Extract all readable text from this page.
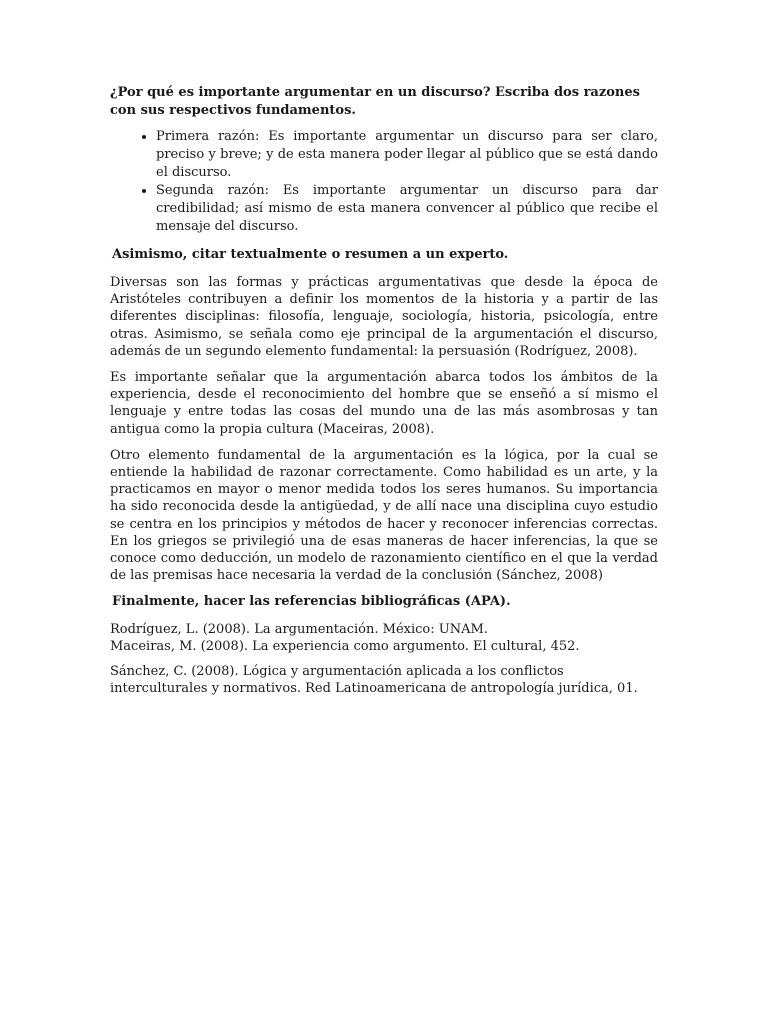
¿Por qué es importante argumentar en un discurso? Escriba dos razones con sus respectivos fundamentos.

• Primera razón: Es importante argumentar un discurso para ser claro, preciso y breve; y de esta manera poder llegar al público que se está dando el discurso.
• Segunda razón: Es importante argumentar un discurso para dar credibilidad; así mismo de esta manera convencer al público que recibe el mensaje del discurso.

Asimismo, citar textualmente o resumen a un experto.

Diversas son las formas y prácticas argumentativas que desde la época de Aristóteles contribuyen a definir los momentos de la historia y a partir de las diferentes disciplinas: filosofía, lenguaje, sociología, historia, psicología, entre otras. Asimismo, se señala como eje principal de la argumentación el discurso, además de un segundo elemento fundamental: la persuasión (Rodríguez, 2008).

Es importante señalar que la argumentación abarca todos los ámbitos de la experiencia, desde el reconocimiento del hombre que se enseñó a sí mismo el lenguaje y entre todas las cosas del mundo una de las más asombrosas y tan antigua como la propia cultura (Maceiras, 2008).

Otro elemento fundamental de la argumentación es la lógica, por la cual se entiende la habilidad de razonar correctamente. Como habilidad es un arte, y la practicamos en mayor o menor medida todos los seres humanos. Su importancia ha sido reconocida desde la antigüedad, y de allí nace una disciplina cuyo estudio se centra en los principios y métodos de hacer y reconocer inferencias correctas. En los griegos se privilegió una de esas maneras de hacer inferencias, la que se conoce como deducción, un modelo de razonamiento científico en el que la verdad de las premisas hace necesaria la verdad de la conclusión (Sánchez, 2008)

Finalmente, hacer las referencias bibliográficas (APA).

Rodríguez, L. (2008). La argumentación. México: UNAM.

Maceiras, M. (2008). La experiencia como argumento. El cultural, 452.

Sánchez, C. (2008). Lógica y argumentación aplicada a los conflictos interculturales y normativos. Red Latinoamericana de antropología jurídica, 01.
